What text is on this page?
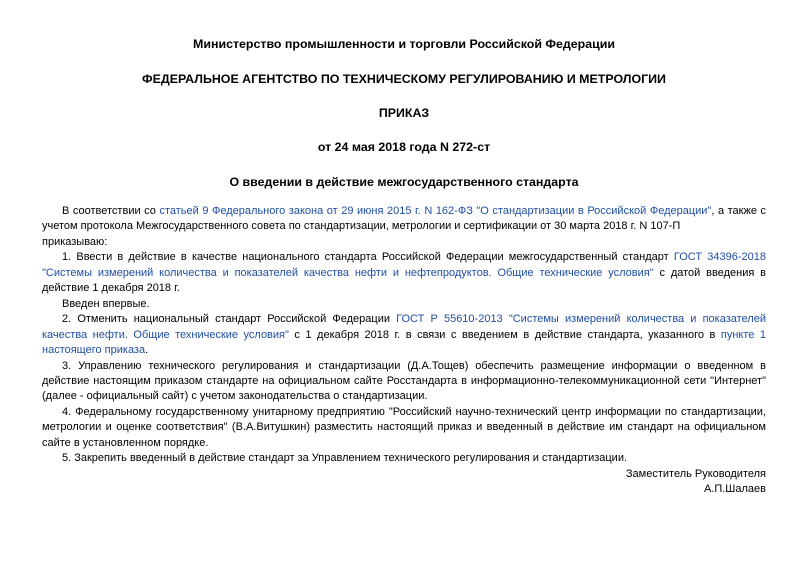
Министерство промышленности и торговли Российской Федерации
ФЕДЕРАЛЬНОЕ АГЕНТСТВО ПО ТЕХНИЧЕСКОМУ РЕГУЛИРОВАНИЮ И МЕТРОЛОГИИ
ПРИКАЗ
от 24 мая 2018 года N 272-ст
О введении в действие межгосударственного стандарта

В соответствии со статьей 9 Федерального закона от 29 июня 2015 г. N 162-ФЗ "О стандартизации в Российской Федерации", а также с учетом протокола Межгосударственного совета по стандартизации, метрологии и сертификации от 30 марта 2018 г. N 107-П

приказываю:

1. Ввести в действие в качестве национального стандарта Российской Федерации межгосударственный стандарт ГОСТ 34396-2018 "Системы измерений количества и показателей качества нефти и нефтепродуктов. Общие технические условия" с датой введения в действие 1 декабря 2018 г.

Введен впервые.

2. Отменить национальный стандарт Российской Федерации ГОСТ Р 55610-2013 "Системы измерений количества и показателей качества нефти. Общие технические условия" с 1 декабря 2018 г. в связи с введением в действие стандарта, указанного в пункте 1 настоящего приказа.

3. Управлению технического регулирования и стандартизации (Д.А.Тощев) обеспечить размещение информации о введенном в действие настоящим приказом стандарте на официальном сайте Росстандарта в информационно-телекоммуникационной сети "Интернет" (далее - официальный сайт) с учетом законодательства о стандартизации.

4. Федеральному государственному унитарному предприятию "Российский научно-технический центр информации по стандартизации, метрологии и оценке соответствия" (В.А.Витушкин) разместить настоящий приказ и введенный в действие им стандарт на официальном сайте в установленном порядке.

5. Закрепить введенный в действие стандарт за Управлением технического регулирования и стандартизации.

Заместитель Руководителя

А.П.Шалаев
